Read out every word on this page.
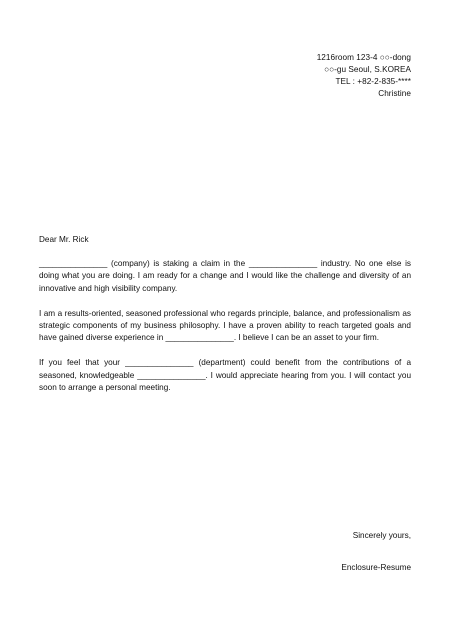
1216room 123-4 ○○-dong
○○-gu Seoul, S.KOREA
TEL : +82-2-835-****
Christine
Dear Mr. Rick

_______________ (company) is staking a claim in the _______________ industry. No one else is doing what you are doing. I am ready for a change and I would like the challenge and diversity of an innovative and high visibility company.

I am a results-oriented, seasoned professional who regards principle, balance, and professionalism as strategic components of my business philosophy. I have a proven ability to reach targeted goals and have gained diverse experience in _______________. I believe I can be an asset to your firm.

If you feel that your _______________ (department) could benefit from the contributions of a seasoned, knowledgeable _______________. I would appreciate hearing from you. I will contact you soon to arrange a personal meeting.

Sincerely yours,
Enclosure-Resume
